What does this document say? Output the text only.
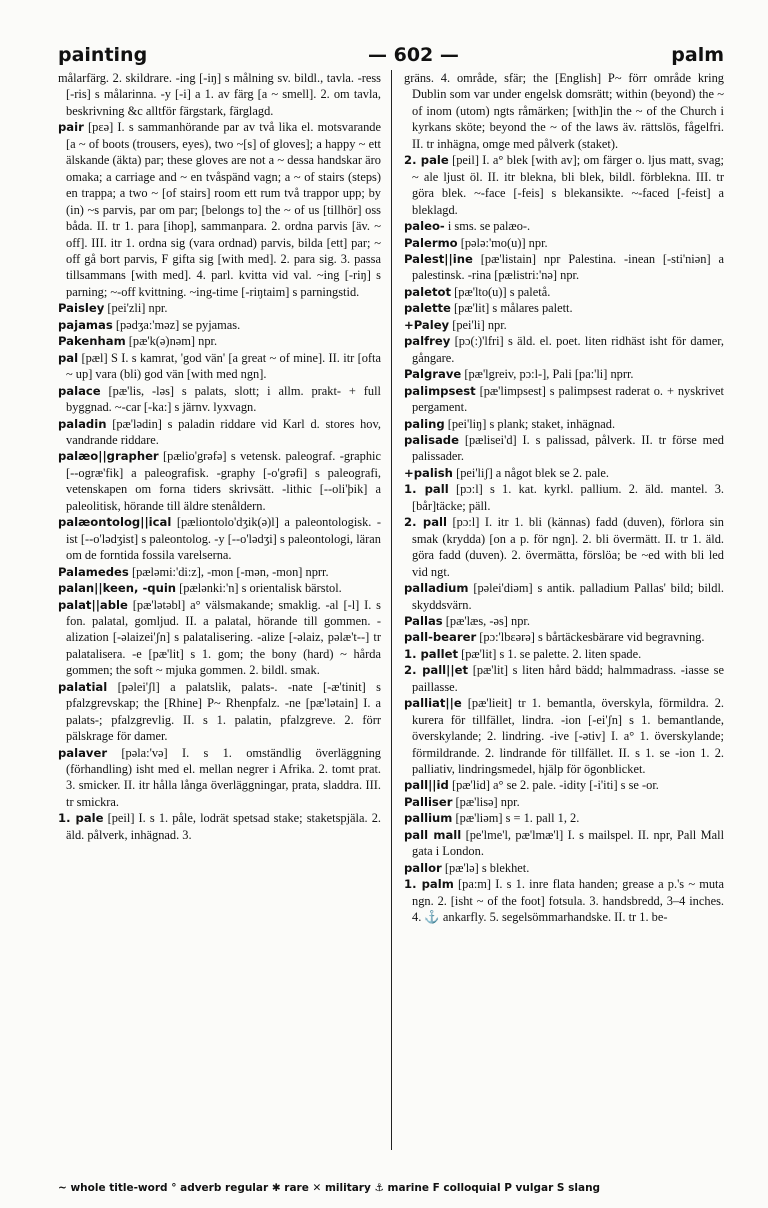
painting	— 602 —	palm

målarfärg. 2. skildrare. -ing [-iŋ] s målning sv. bildl., tavla. -ress [-ris] s målarinna. -y [-i] a 1. av färg [a ~ smell]. 2. om tavla, beskrivning &c alltför färgstark, färglagd.

pair [pɛə] I. s sammanhörande par av två lika el. motsvarande [a ~ of boots (trousers, eyes), two ~[s] of gloves]; a happy ~ ett älskande (äkta) par; these gloves are not a ~ dessa handskar äro omaka; a carriage and ~ en tvåspänd vagn; a ~ of stairs (steps) en trappa; a two ~ [of stairs] room ett rum två trappor upp; by (in) ~s parvis, par om par; [belongs to] the ~ of us [tillhör] oss båda. II. tr 1. para [ihop], sammanpara. 2. ordna parvis [äv. ~ off]. III. itr 1. ordna sig (vara ordnad) parvis, bilda [ett] par; ~ off gå bort parvis, F gifta sig [with med]. 2. para sig. 3. passa tillsammans [with med]. 4. parl. kvitta vid val. ~ing [-riŋ] s parning; ~-off kvittning. ~ing-time [-riŋtaim] s parningstid.

Paisley [pei'zli] npr.

pajamas [pədʒa:'məz] se pyjamas.

Pakenham [pæ'k(ə)nəm] npr.

pal [pæl] S I. s kamrat, 'god vän' [a great ~ of mine]. II. itr [ofta ~ up] vara (bli) god vän [with med ngn].

palace [pæ'lis, -ləs] s palats, slott; i allm. prakt- + full byggnad. ~-car [-ka:] s järnv. lyxvagn.

paladin [pæ'lədin] s paladin riddare vid Karl d. stores hov, vandrande riddare.

palæo||grapher [pælio'grəfə] s vetensk. paleograf. -graphic [--ogræ'fik] a paleografisk. -graphy [-o'grəfi] s paleografi, vetenskapen om forna tiders skrivsätt. -lithic [--oli'þik] a paleolitisk, hörande till äldre stenåldern.

palæontolog||ical [pæliontolo'dʒik(ə)l] a paleontologisk. -ist [--o'lədʒist] s paleontolog. -y [--o'lədʒi] s paleontologi, läran om de forntida fossila varelserna.

Palamedes [pæləmi:'di:z], -mon [-mən, -mon] nprr.

palan||keen, -quin [pælənki:'n] s orientalisk bärstol.

palat||able [pæ'lətəbl] a° välsmakande; smaklig. -al [-l] I. s fon. palatal, gomljud. II. a palatal, hörande till gommen. -alization [-əlaizei'ʃn] s palatalisering. -alize [-əlaiz, pəlæ't--] tr palatalisera. -e [pæ'lit] s 1. gom; the bony (hard) ~ hårda gommen; the soft ~ mjuka gommen. 2. bildl. smak.

palatial [pəlei'ʃl] a palatslik, palats-. -nate [-æ'tinit] s pfalzgrevskap; the [Rhine] P~ Rhenpfalz. -ne [pæ'lətain] I. a palats-; pfalzgrevlig. II. s 1. palatin, pfalzgreve. 2. förr pälskrage för damer.

palaver [pəla:'və] I. s 1. omständlig överläggning (förhandling) isht med el. mellan negrer i Afrika. 2. tomt prat. 3. smicker. II. itr hålla långa överläggningar, prata, sladdra. III. tr smickra.

1. pale [peil] I. s 1. påle, lodrät spetsad stake; staketspjäla. 2. äld. pålverk, inhägnad. 3.

gräns. 4. område, sfär; the [English] P~ förr område kring Dublin som var under engelsk domsrätt; within (beyond) the ~ of inom (utom) ngts råmärken; [with]in the ~ of the Church i kyrkans sköte; beyond the ~ of the laws äv. rättslös, fågelfri. II. tr inhägna, omge med pålverk (staket).

2. pale [peil] I. a° blek [with av]; om färger o. ljus matt, svag; ~ ale ljust öl. II. itr blekna, bli blek, bildl. förblekna. III. tr göra blek. ~-face [-feis] s blekansikte. ~-faced [-feist] a bleklagd.

paleo- i sms. se palæo-.

Palermo [pələ:'mo(u)] npr.

Palest||ine [pæ'listain] npr Palestina. -inean [-sti'niən] a palestinsk. -rina [pælistri:'nə] npr.

paletot [pæ'lto(u)] s paletå.

palette [pæ'lit] s målares palett.

+Paley [pei'li] npr.

palfrey [pɔ(:)'lfri] s äld. el. poet. liten ridhäst isht för damer, gångare.

Palgrave [pæ'lgreiv, pɔ:l-], Pali [pa:'li] nprr.

palimpsest [pæ'limpsest] s palimpsest raderat o. + nyskrivet pergament.

paling [pei'liŋ] s plank; staket, inhägnad.

palisade [pælisei'd] I. s palissad, pålverk. II. tr förse med palissader.

+palish [pei'liʃ] a något blek se 2. pale.

1. pall [pɔ:l] s 1. kat. kyrkl. pallium. 2. äld. mantel. 3. [bår]täcke; päll.

2. pall [pɔ:l] I. itr 1. bli (kännas) fadd (duven), förlora sin smak (krydda) [on a p. för ngn]. 2. bli övermätt. II. tr 1. äld. göra fadd (duven). 2. övermätta, förslöa; be ~ed with bli led vid ngt.

palladium [pəlei'diəm] s antik. palladium Pallas' bild; bildl. skyddsvärn.

Pallas [pæ'læs, -əs] npr.

pall-bearer [pɔ:'lbɛərə] s bårtäckesbärare vid begravning.

1. pallet [pæ'lit] s 1. se palette. 2. liten spade.

2. pall||et [pæ'lit] s liten hård bädd; halmmadrass. -iasse se paillasse.

palliat||e [pæ'lieit] tr 1. bemantla, överskyla, förmildra. 2. kurera för tillfället, lindra. -ion [-ei'ʃn] s 1. bemantlande, överskylande; 2. lindring. -ive [-ətiv] I. a° 1. överskylande; förmildrande. 2. lindrande för tillfället. II. s 1. se -ion 1. 2. palliativ, lindringsmedel, hjälp för ögonblicket.

pall||id [pæ'lid] a° se 2. pale. -idity [-i'iti] s se -or.

Palliser [pæ'lisə] npr.

pallium [pæ'liəm] s = 1. pall 1, 2.

pall mall [pe'lme'l, pæ'lmæ'l] I. s mailspel. II. npr, Pall Mall gata i London.

pallor [pæ'lə] s blekhet.

1. palm [pa:m] I. s 1. inre flata handen; grease a p.'s ~ muta ngn. 2. [isht ~ of the foot] fotsula. 3. handsbredd, 3–4 inches. 4. ⚓ ankarfly. 5. segelsömmarhandske. II. tr 1. be-

~ whole title-word ° adverb regular ✱ rare ✕ military ⚓ marine F colloquial P vulgar S slang
